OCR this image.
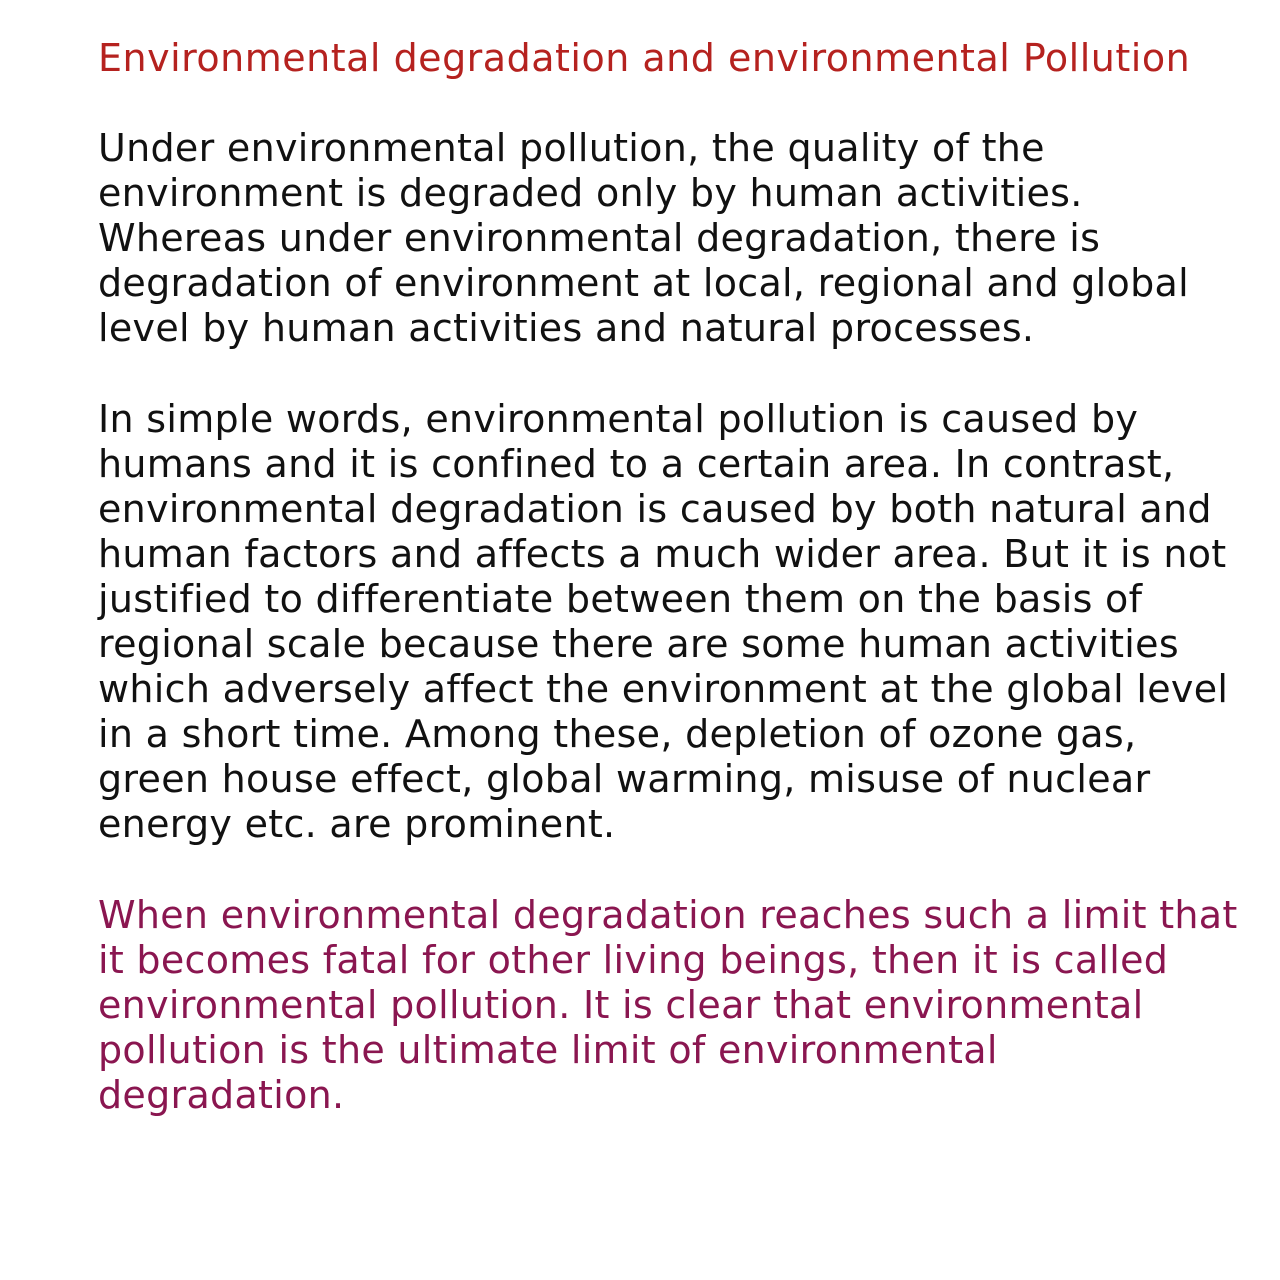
Environmental degradation and environmental Pollution

Under environmental pollution, the quality of the environment is degraded only by human activities. Whereas under environmental degradation, there is degradation of environment at local, regional and global level by human activities and natural processes.

In simple words, environmental pollution is caused by humans and it is confined to a certain area. In contrast, environmental degradation is caused by both natural and human factors and affects a much wider area. But it is not justified to differentiate between them on the basis of regional scale because there are some human activities which adversely affect the environment at the global level in a short time. Among these, depletion of ozone gas, green house effect, global warming, misuse of nuclear energy etc. are prominent.

When environmental degradation reaches such a limit that it becomes fatal for other living beings, then it is called environmental pollution. It is clear that environmental pollution is the ultimate limit of environmental degradation.
